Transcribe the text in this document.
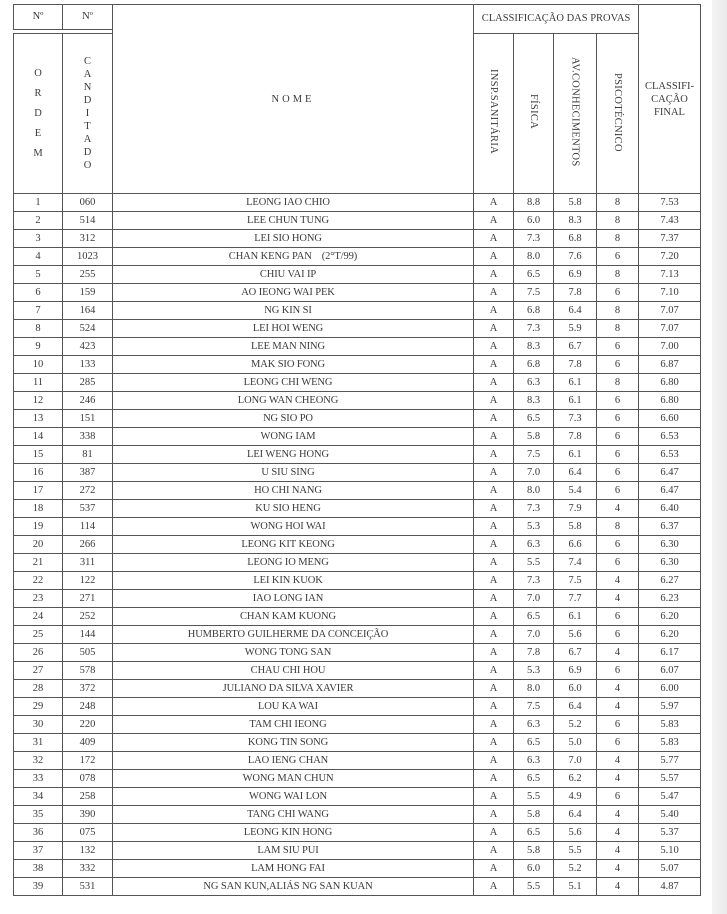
Nº	Nº	NOME	CLASSIFICAÇÃO DAS PROVAS				CLASSIFI-
CAÇÃO
FINAL

O
R
D
E
M

C
A
N
D
I
T
A
D
O
	INSP.SANITÁRIA	FÍSICA	AV.CONHECIMENTOS	PSICOTÉCNICO
1	060	LEONG IAO CHIO	A	8.8	5.8	8	7.53
2	514	LEE CHUN TUNG	A	6.0	8.3	8	7.43
3	312	LEI SIO HONG	A	7.3	6.8	8	7.37
4	1023	CHAN KENG PAN (2°T/99)	A	8.0	7.6	6	7.20
5	255	CHIU VAI IP	A	6.5	6.9	8	7.13
6	159	AO IEONG WAI PEK	A	7.5	7.8	6	7.10
7	164	NG KIN SI	A	6.8	6.4	8	7.07
8	524	LEI HOI WENG	A	7.3	5.9	8	7.07
9	423	LEE MAN NING	A	8.3	6.7	6	7.00
10	133	MAK SIO FONG	A	6.8	7.8	6	6.87
11	285	LEONG CHI WENG	A	6.3	6.1	8	6.80
12	246	LONG WAN CHEONG	A	8.3	6.1	6	6.80
13	151	NG SIO PO	A	6.5	7.3	6	6.60
14	338	WONG IAM	A	5.8	7.8	6	6.53
15	81	LEI WENG HONG	A	7.5	6.1	6	6.53
16	387	U SIU SING	A	7.0	6.4	6	6.47
17	272	HO CHI NANG	A	8.0	5.4	6	6.47
18	537	KU SIO HENG	A	7.3	7.9	4	6.40
19	114	WONG HOI WAI	A	5.3	5.8	8	6.37
20	266	LEONG KIT KEONG	A	6.3	6.6	6	6.30
21	311	LEONG IO MENG	A	5.5	7.4	6	6.30
22	122	LEI KIN KUOK	A	7.3	7.5	4	6.27
23	271	IAO LONG IAN	A	7.0	7.7	4	6.23
24	252	CHAN KAM KUONG	A	6.5	6.1	6	6.20
25	144	HUMBERTO GUILHERME DA CONCEIÇÃO	A	7.0	5.6	6	6.20
26	505	WONG TONG SAN	A	7.8	6.7	4	6.17
27	578	CHAU CHI HOU	A	5.3	6.9	6	6.07
28	372	JULIANO DA SILVA XAVIER	A	8.0	6.0	4	6.00
29	248	LOU KA WAI	A	7.5	6.4	4	5.97
30	220	TAM CHI IEONG	A	6.3	5.2	6	5.83
31	409	KONG TIN SONG	A	6.5	5.0	6	5.83
32	172	LAO IENG CHAN	A	6.3	7.0	4	5.77
33	078	WONG MAN CHUN	A	6.5	6.2	4	5.57
34	258	WONG WAI LON	A	5.5	4.9	6	5.47
35	390	TANG CHI WANG	A	5.8	6.4	4	5.40
36	075	LEONG KIN HONG	A	6.5	5.6	4	5.37
37	132	LAM SIU PUI	A	5.8	5.5	4	5.10
38	332	LAM HONG FAI	A	6.0	5.2	4	5.07
39	531	NG SAN KUN,ALIÁS NG SAN KUAN	A	5.5	5.1	4	4.87
